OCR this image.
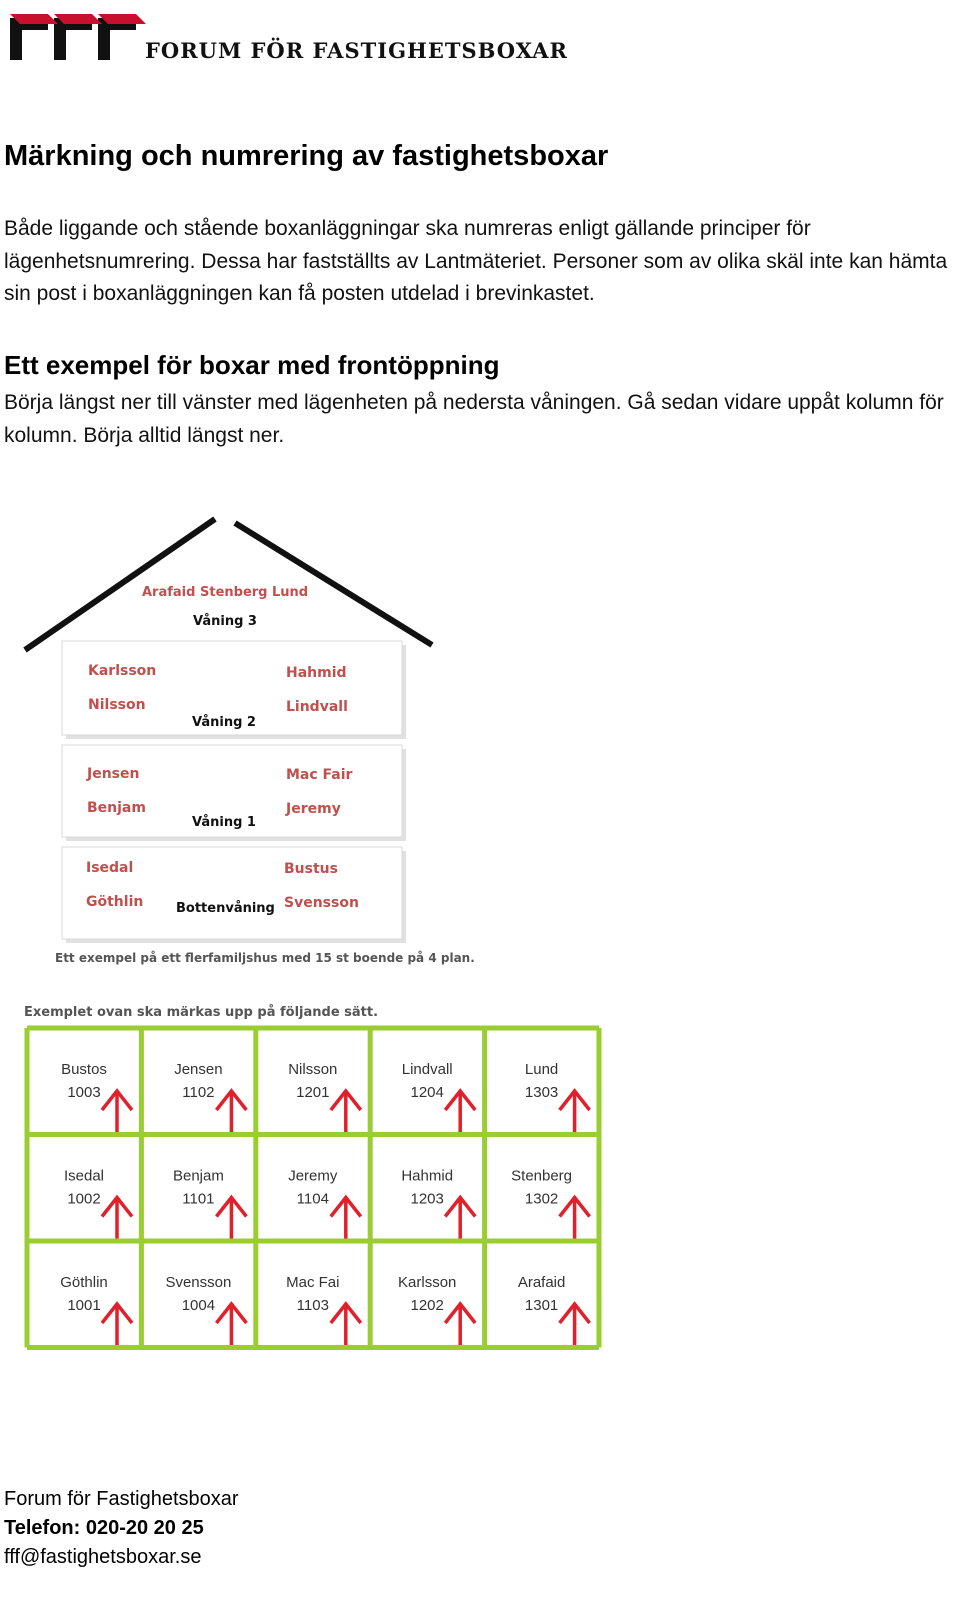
FORUM FÖR FASTIGHETSBOXAR
Märkning och numrering av fastighetsboxar

Både liggande och stående boxanläggningar ska numreras enligt gällande principer för lägenhetsnumrering. Dessa har fastställts av Lantmäteriet. Personer som av olika skäl inte kan hämta sin post i boxanläggningen kan få posten utdelad i brevinkastet.

Ett exempel för boxar med frontöppning

Börja längst ner till vänster med lägenheten på nedersta våningen. Gå sedan vidare uppåt kolumn för kolumn. Börja alltid längst ner.

Arafaid Stenberg Lund
Våning 3
Karlsson
Nilsson
Hahmid
Lindvall
Våning 2
Jensen
Benjam
Mac Fair
Jeremy
Våning 1
Isedal
Göthlin
Bustus
Svensson
Bottenvåning
Ett exempel på ett flerfamiljshus med 15 st boende på 4 plan.
Exemplet ovan ska märkas upp på följande sätt.
Bustos
1003
Jensen
1102
Nilsson
1201
Lindvall
1204
Lund
1303
Isedal
1002
Benjam
1101
Jeremy
1104
Hahmid
1203
Stenberg
1302
Göthlin
1001
Svensson
1004
Mac Fai
1103
Karlsson
1202
Arafaid
1301
Forum för Fastighetsboxar
Telefon: 020-20 20 25
fff@fastighetsboxar.se
